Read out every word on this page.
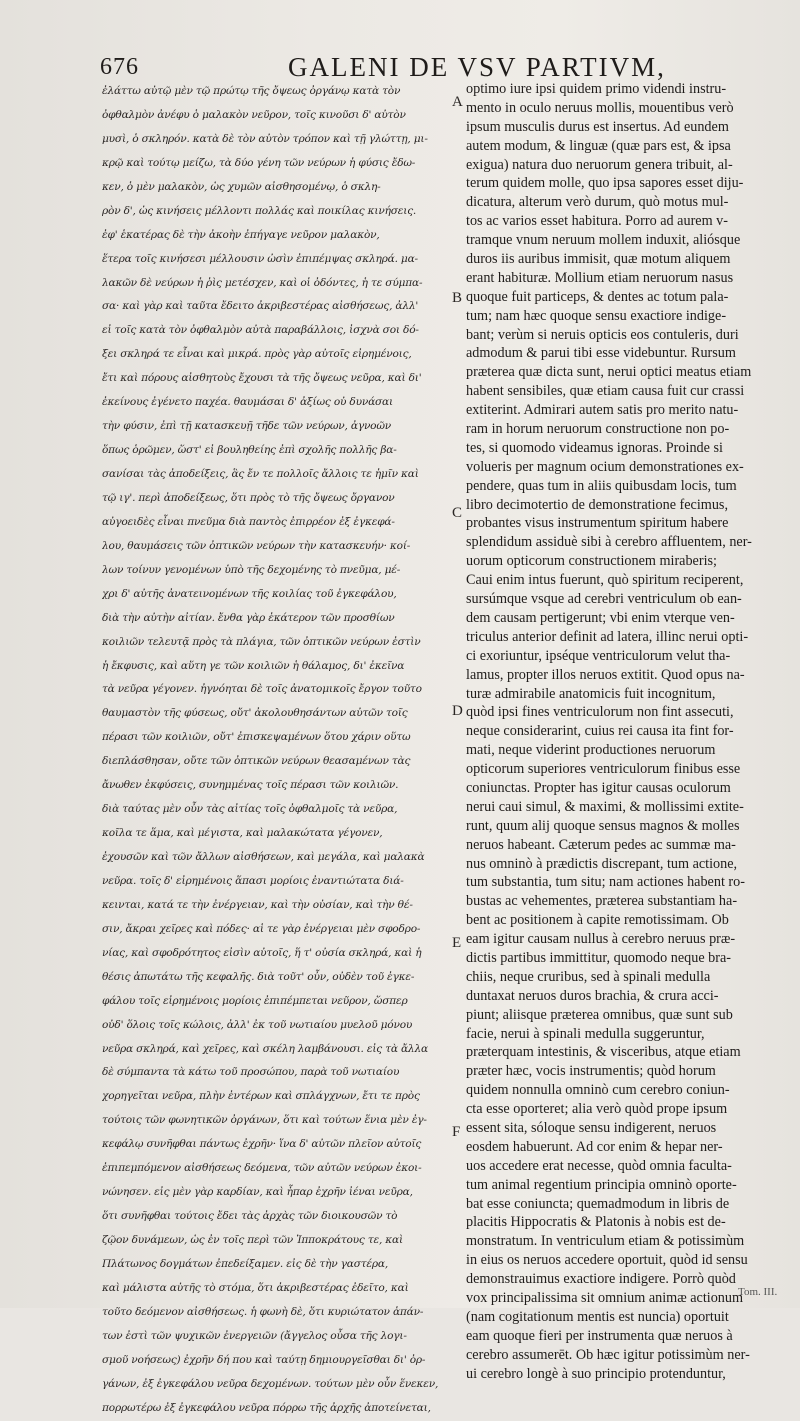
676	GALENI DE VSV PARTIVM,
ἐλάττω αὐτῷ μὲν τῷ πρώτῳ τῆς ὄψεως ὀργάνῳ κατὰ τὸν
ὀφθαλμὸν ἀνέφυ ὁ μαλακὸν νεῦρον, τοῖς κινοῦσι δ' αὐτὸν
μυσὶ, ὁ σκληρόν. κατὰ δὲ τὸν αὐτὸν τρόπον καὶ τῇ γλώττῃ, μι-
κρῷ καὶ τούτῳ μείζω, τὰ δύο γένη τῶν νεύρων ἡ φύσις ἔδω-
κεν, ὁ μὲν μαλακὸν, ὡς χυμῶν αἰσθησομένῳ, ὁ σκλη-
ρὸν δ', ὡς κινήσεις μέλλοντι πολλάς καὶ ποικίλας κινήσεις.
ἐφ' ἑκατέρας δὲ τὴν ἀκοὴν ἐπήγαγε νεῦρον μαλακὸν,
ἕτερα τοῖς κινήσεσι μέλλουσιν ὠσὶν ἐπιπέμψας σκληρά. μα-
λακῶν δὲ νεύρων ἡ ῥὶς μετέσχεν, καὶ οἱ ὀδόντες, ἡ τε σύμπα-
σα· καὶ γὰρ καὶ ταῦτα ἔδειτο ἀκριβεστέρας αἰσθήσεως, ἀλλ'
εἰ τοῖς κατὰ τὸν ὀφθαλμὸν αὐτὰ παραβάλλοις, ἰσχνὰ σοι δό-
ξει σκληρά τε εἶναι καὶ μικρά. πρὸς γὰρ αὐτοῖς εἰρημένοις,
ἔτι καὶ πόρους αἰσθητοὺς ἔχουσι τὰ τῆς ὄψεως νεῦρα, καὶ δι'
ἐκείνους ἐγένετο παχέα. θαυμάσαι δ' ἀξίως οὐ δυνάσαι
τὴν φύσιν, ἐπὶ τῇ κατασκευῇ τῆδε τῶν νεύρων, ἀγνοῶν
ὅπως ὁρῶμεν, ὥστ' εἰ βουληθείης ἐπὶ σχολῆς πολλῆς βα-
σανίσαι τὰς ἀποδείξεις, ἃς ἔν τε πολλοῖς ἄλλοις τε ἡμῖν καὶ
τῷ ιγ'. περὶ ἀποδείξεως, ὅτι πρὸς τὸ τῆς ὄψεως ὄργανον
αὐγοειδὲς εἶναι πνεῦμα διὰ παντὸς ἐπιρρέον ἐξ ἐγκεφά-
λου, θαυμάσεις τῶν ὀπτικῶν νεύρων τὴν κατασκευήν· κοί-
λων τοίνυν γενομένων ὑπὸ τῆς δεχομένης τὸ πνεῦμα, μέ-
χρι δ' αὐτῆς ἀνατεινομένων τῆς κοιλίας τοῦ ἐγκεφάλου,
διὰ τὴν αὐτὴν αἰτίαν. ἔνθα γὰρ ἑκάτερον τῶν προσθίων
κοιλιῶν τελευτᾷ πρὸς τὰ πλάγια, τῶν ὀπτικῶν νεύρων ἐστὶν
ἡ ἔκφυσις, καὶ αὕτη γε τῶν κοιλιῶν ἡ θάλαμος, δι' ἐκεῖνα
τὰ νεῦρα γέγονεν. ἠγνόηται δὲ τοῖς ἀνατομικοῖς ἔργον τοῦτο
θαυμαστὸν τῆς φύσεως, οὔτ' ἀκολουθησάντων αὐτῶν τοῖς
πέρασι τῶν κοιλιῶν, οὔτ' ἐπισκεψαμένων ὅτου χάριν οὕτω
διεπλάσθησαν, οὔτε τῶν ὀπτικῶν νεύρων θεασαμένων τὰς
ἄνωθεν ἐκφύσεις, συνημμένας τοῖς πέρασι τῶν κοιλιῶν.
διὰ ταύτας μὲν οὖν τὰς αἰτίας τοῖς ὀφθαλμοῖς τὰ νεῦρα,
κοῖλα τε ἅμα, καὶ μέγιστα, καὶ μαλακώτατα γέγονεν,
ἐχουσῶν καὶ τῶν ἄλλων αἰσθήσεων, καὶ μεγάλα, καὶ μαλακὰ
νεῦρα. τοῖς δ' εἰρημένοις ἅπασι μορίοις ἐναντιώτατα διά-
κεινται, κατά τε τὴν ἐνέργειαν, καὶ τὴν οὐσίαν, καὶ τὴν θέ-
σιν, ἄκραι χεῖρες καὶ πόδες· αἱ τε γὰρ ἐνέργειαι μὲν σφοδρο-
νίας, καὶ σφοδρότητος εἰσὶν αὐτοῖς, ἥ τ' οὐσία σκληρά, καὶ ἡ
θέσις ἀπωτάτω τῆς κεφαλῆς. διὰ τοῦτ' οὖν, οὐδὲν τοῦ ἐγκε-
φάλου τοῖς εἰρημένοις μορίοις ἐπιπέμπεται νεῦρον, ὥσπερ
οὐδ' ὅλοις τοῖς κώλοις, ἀλλ' ἐκ τοῦ νωτιαίου μυελοῦ μόνου
νεῦρα σκληρά, καὶ χεῖρες, καὶ σκέλη λαμβάνουσι. εἰς τὰ ἄλλα
δὲ σύμπαντα τὰ κάτω τοῦ προσώπου, παρὰ τοῦ νωτιαίου
χορηγεῖται νεῦρα, πλὴν ἐντέρων καὶ σπλάγχνων, ἔτι τε πρὸς
τούτοις τῶν φωνητικῶν ὀργάνων, ὅτι καὶ τούτων ἕνια μὲν ἐγ-
κεφάλῳ συνῆφθαι πάντως ἐχρῆν· ἵνα δ' αὐτῶν πλεῖον αὐτοῖς
ἐπιπεμπόμενον αἰσθήσεως δεόμενα, τῶν αὐτῶν νεύρων ἐκοι-
νώνησεν. εἰς μὲν γὰρ καρδίαν, καὶ ἧπαρ ἐχρῆν ἰέναι νεῦρα,
ὅτι συνῆφθαι τούτοις ἔδει τὰς ἀρχὰς τῶν διοικουσῶν τὸ
ζῷον δυνάμεων, ὡς ἐν τοῖς περὶ τῶν Ἱπποκράτους τε, καὶ
Πλάτωνος δογμάτων ἐπεδείξαμεν. εἰς δὲ τὴν γαστέρα,
καὶ μάλιστα αὐτῆς τὸ στόμα, ὅτι ἀκριβεστέρας ἐδεῖτο, καὶ
τοῦτο δεόμενον αἰσθήσεως. ἡ φωνὴ δὲ, ὅτι κυριώτατον ἁπάν-
των ἐστὶ τῶν ψυχικῶν ἐνεργειῶν (ἄγγελος οὖσα τῆς λογι-
σμοῦ νοήσεως) ἐχρῆν δή που καὶ ταύτῃ δημιουργεῖσθαι δι' ὀρ-
γάνων, ἐξ ἐγκεφάλου νεῦρα δεχομένων. τούτων μὲν οὖν ἕνεκεν,
πορρωτέρω ἐξ ἐγκεφάλου νεῦρα πόρρω τῆς ἀρχῆς ἀποτείνεται,
A
B
C
D
E
F
optimo iure ipsi quidem primo videndi instru-
mento in oculo neruus mollis, mouentibus verò
ipsum musculis durus est insertus. Ad eundem
autem modum, & linguæ (quæ pars est, & ipsa
exigua) natura duo neruorum genera tribuit, al-
terum quidem molle, quo ipsa sapores esset diju-
dicatura, alterum verò durum, quò motus mul-
tos ac varios esset habitura. Porro ad aurem v-
tramque vnum neruum mollem induxit, aliósque
duros iis auribus immisit, quæ motum aliquem
erant habituræ. Mollium etiam neruorum nasus
quoque fuit particeps, & dentes ac totum pala-
tum; nam hæc quoque sensu exactiore indige-
bant; verùm si neruis opticis eos contuleris, duri
admodum & parui tibi esse videbuntur. Rursum
præterea quæ dicta sunt, nerui optici meatus etiam
habent sensibiles, quæ etiam causa fuit cur crassi
extiterint. Admirari autem satis pro merito natu-
ram in horum neruorum constructione non po-
tes, si quomodo videamus ignoras. Proinde si
volueris per magnum ocium demonstrationes ex-
pendere, quas tum in aliis quibusdam locis, tum
libro decimotertio de demonstratione fecimus,
probantes visus instrumentum spiritum habere
splendidum assiduè sibi à cerebro affluentem, ner-
uorum opticorum constructionem miraberis;
Caui enim intus fuerunt, quò spiritum reciperent,
sursúmque vsque ad cerebri ventriculum ob ean-
dem causam pertigerunt; vbi enim vterque ven-
triculus anterior definit ad latera, illinc nerui opti-
ci exoriuntur, ipséque ventriculorum velut tha-
lamus, propter illos neruos extitit. Quod opus na-
turæ admirabile anatomicis fuit incognitum,
quòd ipsi fines ventriculorum non fint assecuti,
neque considerarint, cuius rei causa ita fint for-
mati, neque viderint productiones neruorum
opticorum superiores ventriculorum finibus esse
coniunctas. Propter has igitur causas oculorum
nerui caui simul, & maximi, & mollissimi extite-
runt, quum alij quoque sensus magnos & molles
neruos habeant. Cæterum pedes ac summæ ma-
nus omninò à prædictis discrepant, tum actione,
tum substantia, tum situ; nam actiones habent ro-
bustas ac vehementes, præterea substantiam ha-
bent ac positionem à capite remotissimam. Ob
eam igitur causam nullus à cerebro neruus præ-
dictis partibus immittitur, quomodo neque bra-
chiis, neque cruribus, sed à spinali medulla
duntaxat neruos duros brachia, & crura acci-
piunt; aliisque præterea omnibus, quæ sunt sub
facie, nerui à spinali medulla suggeruntur,
præterquam intestinis, & visceribus, atque etiam
præter hæc, vocis instrumentis; quòd horum
quidem nonnulla omninò cum cerebro coniun-
cta esse oporteret; alia verò quòd prope ipsum
essent sita, sóloque sensu indigerent, neruos
eosdem habuerunt. Ad cor enim & hepar ner-
uos accedere erat necesse, quòd omnia faculta-
tum animal regentium principia omninò oporte-
bat esse coniuncta; quemadmodum in libris de
placitis Hippocratis & Platonis à nobis est de-
monstratum. In ventriculum etiam & potissimùm
in eius os neruos accedere oportuit, quòd id sensu
demonstrauimus exactiore indigere. Porrò quòd
vox principalissima sit omnium animæ actionum
(nam cogitationum mentis est nuncia) oportuit
eam quoque fieri per instrumenta quæ neruos à
cerebro assumerēt. Ob hæc igitur potissimùm ner-
ui cerebro longè à suo principio protenduntur,
Tom. III.
